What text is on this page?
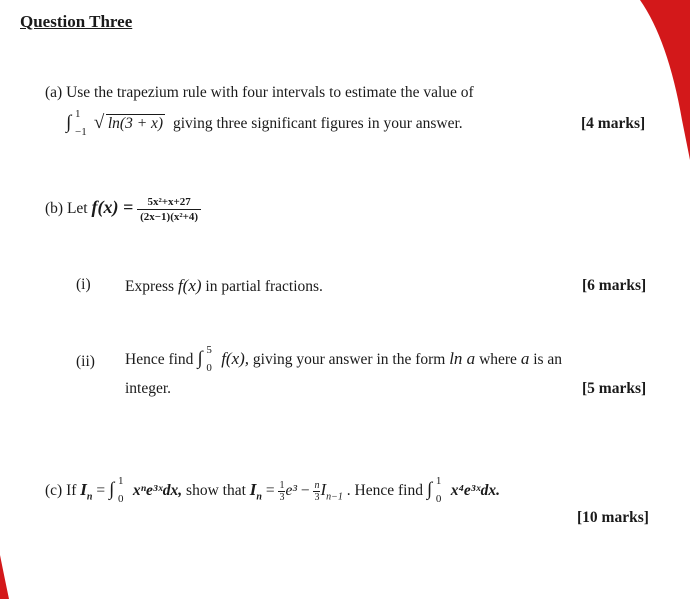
Question Three
(a) Use the trapezium rule with four intervals to estimate the value of
∫ 1
−1
√ ln(3 + x) giving three significant figures in your answer.	[4 marks]
(b) Let $f(x) = \frac{\text{5x²+x+27}}{\text{(2x−1)(x²+4)}}$
(i) Express f(x) in partial fractions.	[6 marks]
(ii) Hence find ∫ 5
0 f(x), giving your answer in the form ln a where a is an
integer.	[5 marks]
(c) If $I_n$ = ∫ 1
0 xⁿe³ˣdx, show that $I_n = \frac{1}{3} e^3 - \frac{n}{3} I_{n-1}$ . Hence find ∫ 1
0 x⁴e³ˣdx.
[10 marks]
